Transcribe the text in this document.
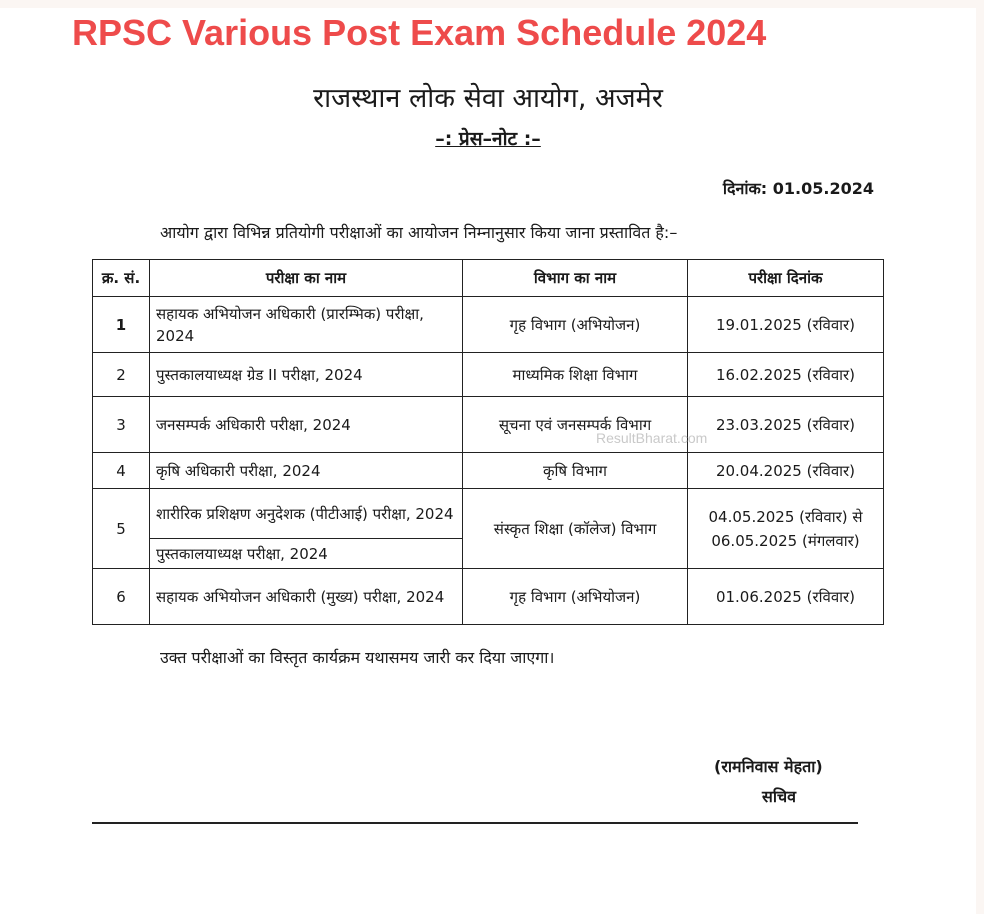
RPSC Various Post Exam Schedule 2024
राजस्थान लोक सेवा आयोग, अजमेर
–: प्रेस–नोट :–
दिनांक: 01.05.2024
आयोग द्वारा विभिन्न प्रतियोगी परीक्षाओं का आयोजन निम्नानुसार किया जाना प्रस्तावित है:–
क्र. सं.	परीक्षा का नाम	विभाग का नाम	परीक्षा दिनांक
1	सहायक अभियोजन अधिकारी (प्रारम्भिक) परीक्षा, 2024	गृह विभाग (अभियोजन)	19.01.2025 (रविवार)
2	पुस्तकालयाध्यक्ष ग्रेड II परीक्षा, 2024	माध्यमिक शिक्षा विभाग	16.02.2025 (रविवार)
3	जनसम्पर्क अधिकारी परीक्षा, 2024	सूचना एवं जनसम्पर्क विभाग	23.03.2025 (रविवार)
4	कृषि अधिकारी परीक्षा, 2024	कृषि विभाग	20.04.2025 (रविवार)
5	शारीरिक प्रशिक्षण अनुदेशक (पीटीआई) परीक्षा, 2024	संस्कृत शिक्षा (कॉलेज) विभाग	04.05.2025 (रविवार) से 06.05.2025 (मंगलवार)
	पुस्तकालयाध्यक्ष परीक्षा, 2024		
6	सहायक अभियोजन अधिकारी (मुख्य) परीक्षा, 2024	गृह विभाग (अभियोजन)	01.06.2025 (रविवार)
ResultBharat.com
उक्त परीक्षाओं का विस्तृत कार्यक्रम यथासमय जारी कर दिया जाएगा।
(रामनिवास मेहता)
सचिव
